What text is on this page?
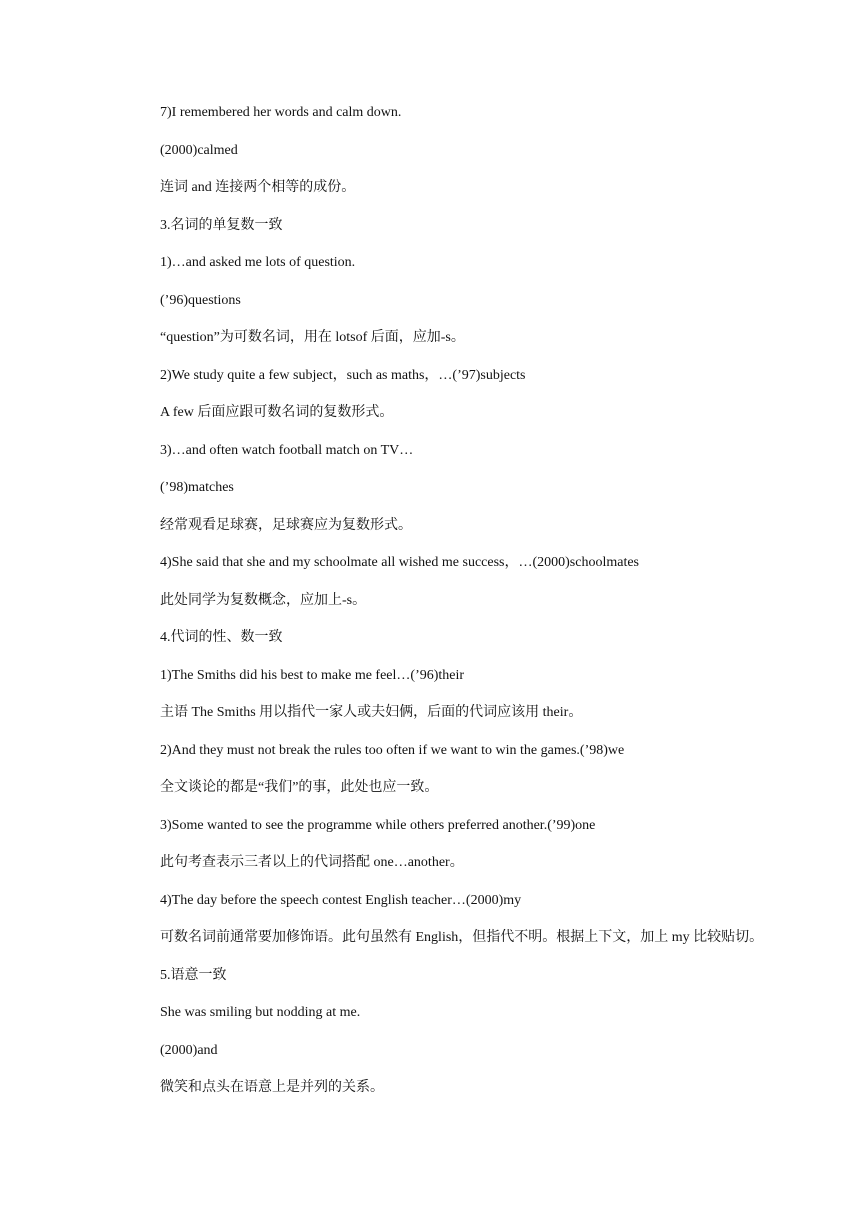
7)I remembered her words and calm down.
(2000)calmed
连词 and 连接两个相等的成份。
3.名词的单复数一致
1)…and asked me lots of question.
(’96)questions
“question”为可数名词，用在 lotsof 后面，应加-s。
2)We study quite a few subject，such as maths，…(’97)subjects
A few 后面应跟可数名词的复数形式。
3)…and often watch football match on TV…
(’98)matches
经常观看足球赛，足球赛应为复数形式。
4)She said that she and my schoolmate all wished me success，…(2000)schoolmates
此处同学为复数概念，应加上-s。
4.代词的性、数一致
1)The Smiths did his best to make me feel…(’96)their
主语 The Smiths 用以指代一家人或夫妇俩，后面的代词应该用 their。
2)And they must not break the rules too often if we want to win the games.(’98)we
全文谈论的都是“我们”的事，此处也应一致。
3)Some wanted to see the programme while others preferred another.(’99)one
此句考查表示三者以上的代词搭配 one…another。
4)The day before the speech contest English teacher…(2000)my
可数名词前通常要加修饰语。此句虽然有 English，但指代不明。根据上下文，加上 my 比较贴切。
5.语意一致
She was smiling but nodding at me.
(2000)and
微笑和点头在语意上是并列的关系。
